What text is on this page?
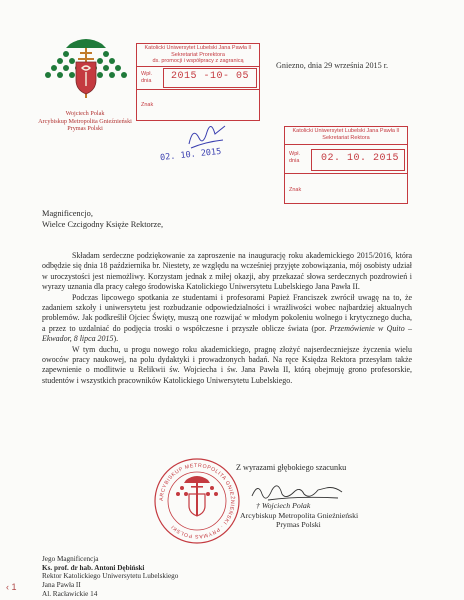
Wojciech Polak
Arcybiskup Metropolita Gnieźnieński
Prymas Polski
Katolicki Uniwersytet Lubelski Jana Pawła II
Sekretariat Prorektora
ds. promocji i współpracy z zagranicą
Wpł. dnia	2015 -10- 05
Znak
Katolicki Uniwersytet Lubelski Jana Pawła II
Sekretariat Rektora
Wpł. dnia	02. 10. 2015
Znak
02. 10. 2015
Gniezno, dnia 29 września 2015 r.
Magnificencjo,
Wielce Czcigodny Księże Rektorze,

Składam serdeczne podziękowanie za zaproszenie na inaugurację roku akademickiego 2015/2016, która odbędzie się dnia 18 października br. Niestety, ze względu na wcześniej przyjęte zobowiązania, mój osobisty udział w uroczystości jest niemożliwy. Korzystam jednak z miłej okazji, aby przekazać słowa serdecznych pozdrowień i wyrazy uznania dla pracy całego środowiska Katolickiego Uniwersytetu Lubelskiego Jana Pawła II.

Podczas lipcowego spotkania ze studentami i profesorami Papież Franciszek zwrócił uwagę na to, że zadaniem szkoły i uniwersytetu jest rozbudzanie odpowiedzialności i wrażliwości wobec najbardziej aktualnych problemów. Jak podkreślił Ojciec Święty, muszą one rozwijać w młodym pokoleniu wolnego i krytycznego ducha, a przez to uzdalniać do podjęcia troski o współczesne i przyszłe oblicze świata (por. Przemówienie w Quito – Ekwador, 8 lipca 2015).

W tym duchu, u progu nowego roku akademickiego, pragnę złożyć najserdeczniejsze życzenia wielu owoców pracy naukowej, na polu dydaktyki i prowadzonych badań. Na ręce Księdza Rektora przesyłam także zapewnienie o modlitwie u Relikwii św. Wojciecha i św. Jana Pawła II, którą obejmuję grono profesorskie, studentów i wszystkich pracowników Katolickiego Uniwersytetu Lubelskiego.

ARCYBISKUP METROPOLITA GNIEŹNIEŃSKI · PRYMAS POLSKI
Z wyrazami głębokiego szacunku
† Wojciech Polak
Arcybiskup Metropolita Gnieźnieński
Prymas Polski
Jego Magnificencja
Ks. prof. dr hab. Antoni Dębiński
Rektor Katolickiego Uniwersytetu Lubelskiego
Jana Pawła II
Al. Racławickie 14
‹ 1
